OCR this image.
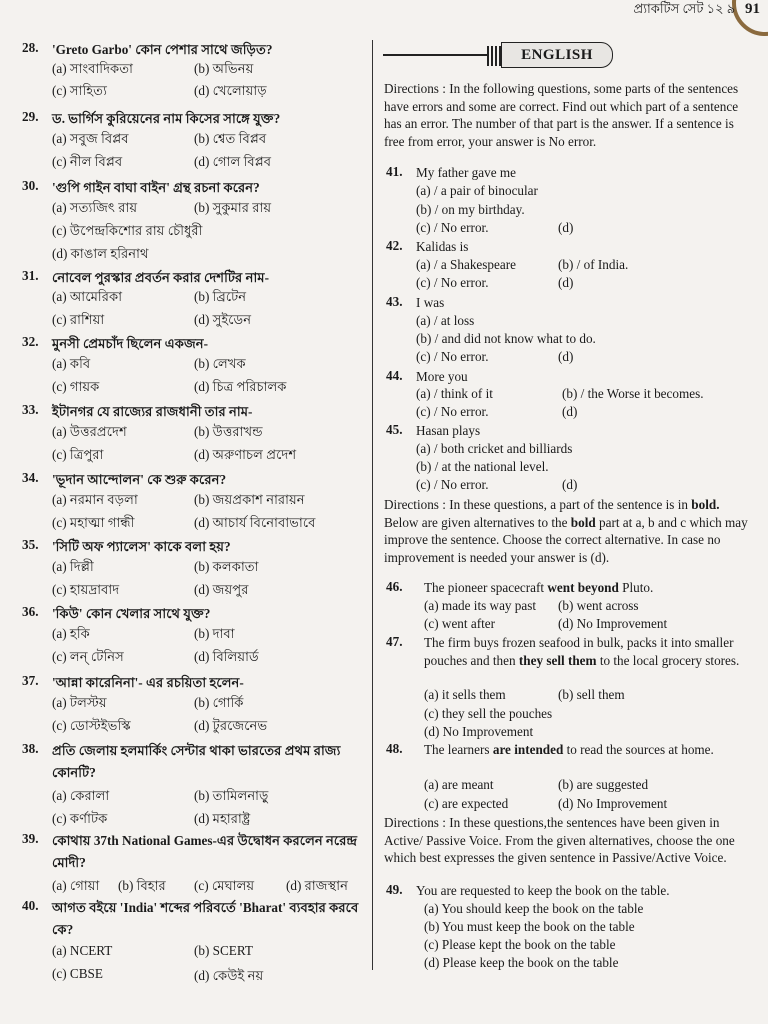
প্র্যাকটিস সেট ১২ ৯ 91
28. 'Greto Garbo' কোন পেশার সাথে জড়িত?
(a) সাংবাদিকতা	(b) অভিনয়
(c) সাহিত্য	(d) খেলোয়াড়
29. ড. ভার্গিস কুরিয়েনের নাম কিসের সাঙ্গে যুক্ত?
(a) সবুজ বিপ্লব	(b) শ্বেত বিপ্লব
(c) নীল বিপ্লব	(d) গোল বিপ্লব
30. 'গুপি গাইন বাঘা বাইন' গ্রন্থ রচনা করেন?
(a) সত্যজিৎ রায়	(b) সুকুমার রায়
(c) উপেন্দ্রকিশোর রায় চৌধুরী
(d) কাঙাল হরিনাথ
31. নোবেল পুরস্কার প্রবর্তন করার দেশটির নাম-
(a) আমেরিকা	(b) ব্রিটেন
(c) রাশিয়া	(d) সুইডেন
32. মুনসী প্রেমচাঁদ ছিলেন একজন-
(a) কবি	(b) লেখক
(c) গায়ক	(d) চিত্র পরিচালক
33. ইটানগর যে রাজ্যের রাজধানী তার নাম-
(a) উত্তরপ্রদেশ	(b) উত্তরাখন্ড
(c) ত্রিপুরা	(d) অরুণাচল প্রদেশ
34. 'ভূদান আন্দোলন' কে শুরু করেন?
(a) নরমান বড়লা	(b) জয়প্রকাশ নারায়ন
(c) মহাত্মা গান্ধী	(d) আচার্য বিনোবাভাবে
35. 'সিটি অফ প্যালেস' কাকে বলা হয়?
(a) দিল্লী	(b) কলকাতা
(c) হায়দ্রাবাদ	(d) জয়পুর
36. 'কিউ' কোন খেলার সাথে যুক্ত?
(a) হকি	(b) দাবা
(c) লন্ টেনিস	(d) বিলিয়ার্ড
37. 'আন্না কারেনিনা'- এর রচয়িতা হলেন-
(a) টলস্টয়	(b) গোর্কি
(c) ডোস্টইভস্কি	(d) টুরজেনেভ
38. প্রতি জেলায় হলমার্কিং সেন্টার থাকা ভারতের প্রথম রাজ্য
কোনটি?
(a) কেরালা	(b) তামিলনাড়ু
(c) কর্ণাটক	(d) মহারাষ্ট্র
39. কোথায় 37th National Games-এর উদ্বোধন করলেন নরেন্দ্র
মোদী?
(a) গোয়া (b) বিহার (c) মেঘালয় (d) রাজস্থান
40. আগত বইয়ে 'India' শব্দের পরিবর্তে 'Bharat' ব্যবহার করবে
কে?
(a) NCERT	(b) SCERT
(c) CBSE	(d) কেউই নয়
ENGLISH
Directions : In the following questions, some parts of the sentences have errors and some are correct. Find out which part of a sentence has an error. The number of that part is the answer. If a sentence is free from error, your answer is No error.
Directions : In these questions, a part of the sentence is in bold. Below are given alternatives to the bold part at a, b and c which may improve the sentence. Choose the correct alternative. In case no improvement is needed your answer is (d).
Directions : In these questions,the sentences have been given in Active/ Passive Voice. From the given alternatives, choose the one which best expresses the given sentence in Passive/Active Voice.
41. My father gave me
(a) / a pair of binocular
(b) / on my birthday.
(c) / No error.	(d)
42. Kalidas is
(a) / a Shakespeare	(b) / of India.
(c) / No error.	(d)
43. I was
(a) / at loss
(b) / and did not know what to do.
(c) / No error.	(d)
44. More you
(a) / think of it	(b) / the Worse it becomes.
(c) / No error.	(d)
45. Hasan plays
(a) / both cricket and billiards
(b) / at the national level.
(c) / No error.	(d)
46. The pioneer spacecraft went beyond Pluto.
(a) made its way past (b) went across
(c) went after	(d) No Improvement
47. The firm buys frozen seafood in bulk, packs it into smaller pouches and then they sell them to the local grocery stores.
(a) it sells them	(b) sell them
(c) they sell the pouches
(d) No Improvement
48. The learners are intended to read the sources at home.
(a) are meant	(b) are suggested
(c) are expected	(d) No Improvement
49. You are requested to keep the book on the table.
(a) You should keep the book on the table
(b) You must keep the book on the table
(c) Please kept the book on the table
(d) Please keep the book on the table
